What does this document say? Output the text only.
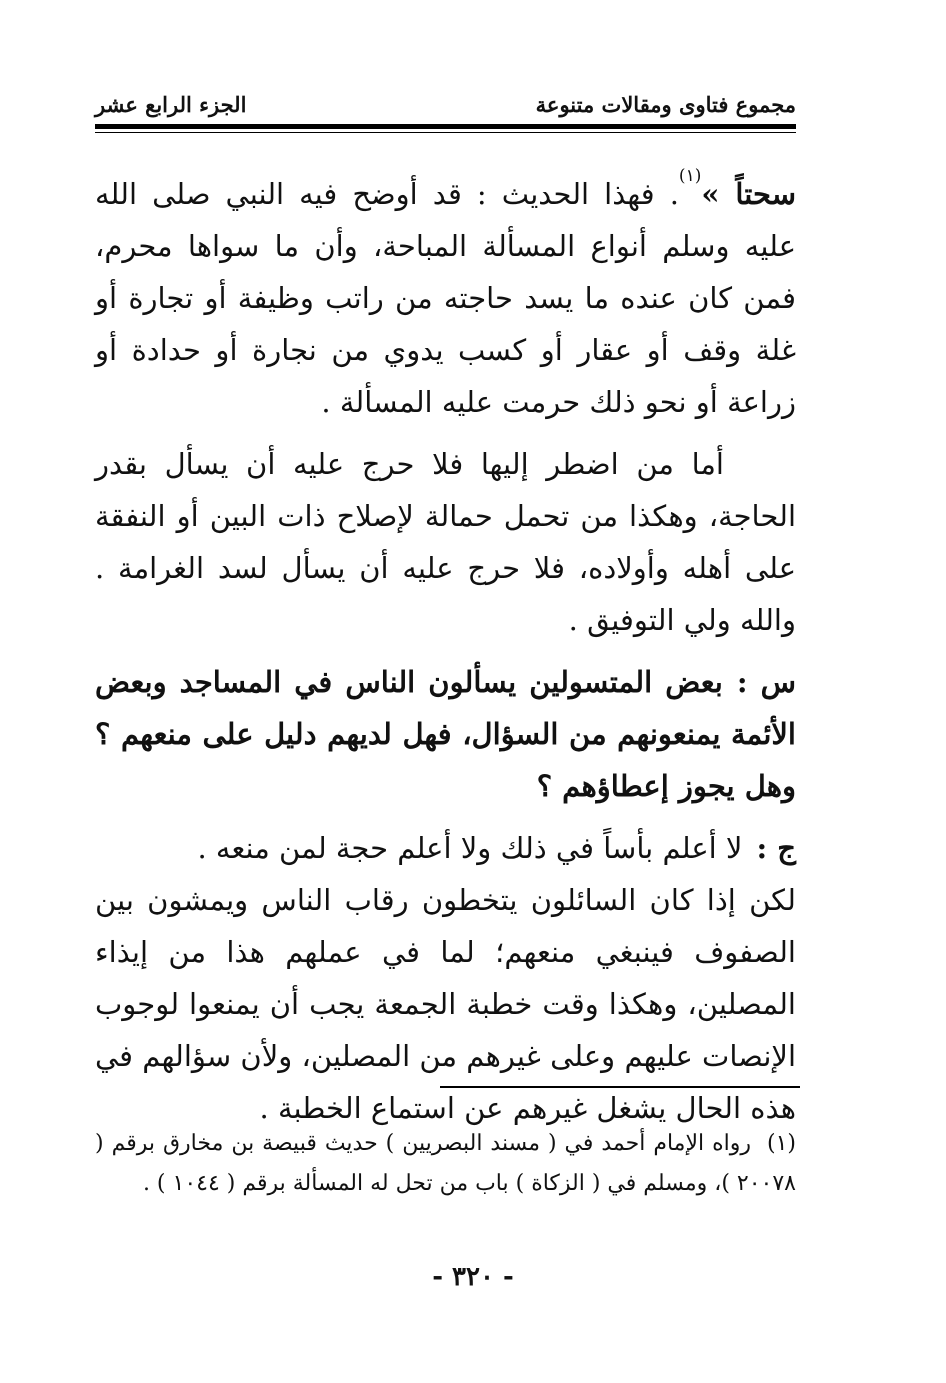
مجموع فتاوى ومقالات متنوعة
الجزء الرابع عشر

سحتاً »$^{(١)}$. فهذا الحديث : قد أوضح فيه النبي صلى الله عليه وسلم أنواع المسألة المباحة، وأن ما سواها محرم، فمن كان عنده ما يسد حاجته من راتب وظيفة أو تجارة أو غلة وقف أو عقار أو كسب يدوي من نجارة أو حدادة أو زراعة أو نحو ذلك حرمت عليه المسألة .

أما من اضطر إليها فلا حرج عليه أن يسأل بقدر الحاجة، وهكذا من تحمل حمالة لإصلاح ذات البين أو النفقة على أهله وأولاده، فلا حرج عليه أن يسأل لسد الغرامة . والله ولي التوفيق .

س :بعض المتسولين يسألون الناس في المساجد وبعض الأئمة يمنعونهم من السؤال، فهل لديهم دليل على منعهم ؟ وهل يجوز إعطاؤهم ؟

ج :لا أعلم بأساً في ذلك ولا أعلم حجة لمن منعه .

لكن إذا كان السائلون يتخطون رقاب الناس ويمشون بين الصفوف فينبغي منعهم؛ لما في عملهم هذا من إيذاء المصلين، وهكذا وقت خطبة الجمعة يجب أن يمنعوا لوجوب الإنصات عليهم وعلى غيرهم من المصلين، ولأن سؤالهم في هذه الحال يشغل غيرهم عن استماع الخطبة .

(١)رواه الإمام أحمد في ( مسند البصريين ) حديث قبيصة بن مخارق برقم ( ٢٠٠٧٨ )، ومسلم في ( الزكاة ) باب من تحل له المسألة برقم ( ١٠٤٤ ) .
- ٣٢٠ -
